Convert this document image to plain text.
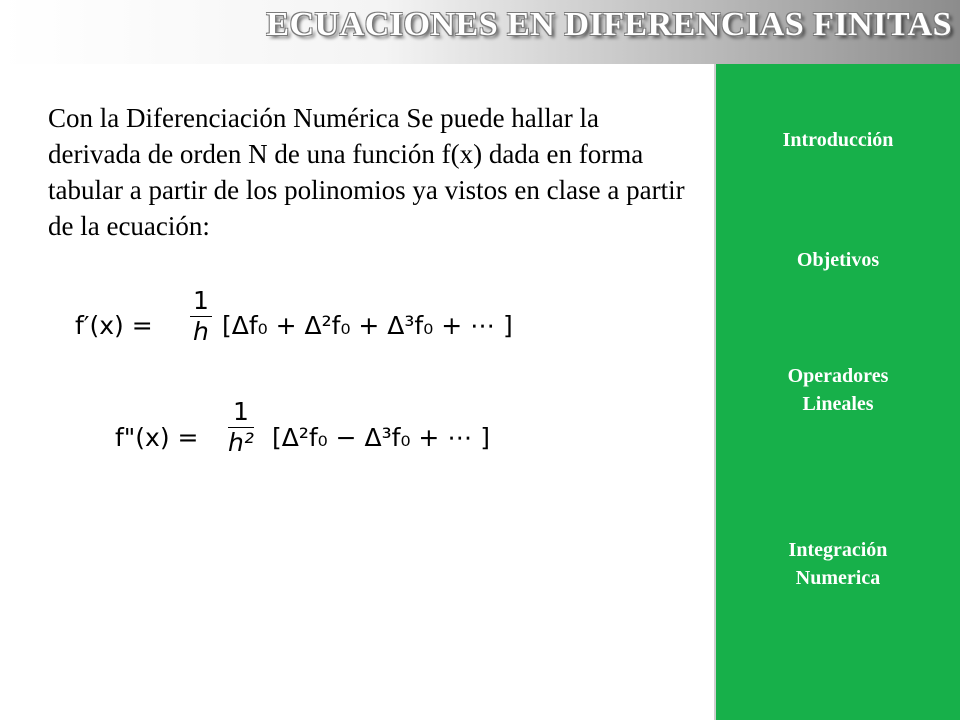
ECUACIONES EN DIFERENCIAS FINITAS

Con la Diferenciación Numérica Se puede hallar la derivada de orden N de una función f(x) dada en forma tabular a partir de los polinomios ya vistos en clase a partir de la ecuación:

$f'(x) = \frac{1}{h} [\Delta f_0 + \Delta^2f_0 + \Delta^3f_0$ + ⋯ ]
f"(x) = $\frac{1}{\text{h²}} [\Delta^2f_0 - \Delta^3f_0$ + ⋯ ]
Introducción
Objetivos
Operadores Lineales
Integración Numerica
